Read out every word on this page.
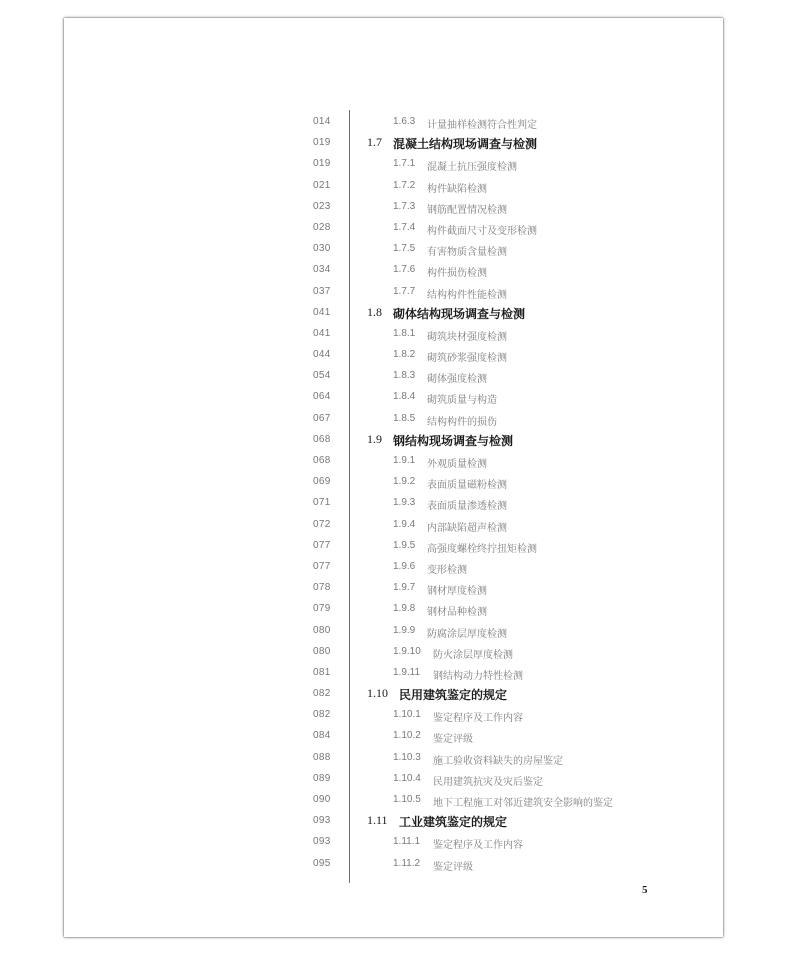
014	1.6.3 计量抽样检测符合性判定
019	1.7 混凝土结构现场调查与检测
019	1.7.1 混凝土抗压强度检测
021	1.7.2 构件缺陷检测
023	1.7.3 钢筋配置情况检测
028	1.7.4 构件截面尺寸及变形检测
030	1.7.5 有害物质含量检测
034	1.7.6 构件损伤检测
037	1.7.7 结构构件性能检测
041	1.8 砌体结构现场调查与检测
041	1.8.1 砌筑块材强度检测
044	1.8.2 砌筑砂浆强度检测
054	1.8.3 砌体强度检测
064	1.8.4 砌筑质量与构造
067	1.8.5 结构构件的损伤
068	1.9 钢结构现场调查与检测
068	1.9.1 外观质量检测
069	1.9.2 表面质量磁粉检测
071	1.9.3 表面质量渗透检测
072	1.9.4 内部缺陷超声检测
077	1.9.5 高强度螺栓终拧扭矩检测
077	1.9.6 变形检测
078	1.9.7 钢材厚度检测
079	1.9.8 钢材品种检测
080	1.9.9 防腐涂层厚度检测
080	1.9.10 防火涂层厚度检测
081	1.9.11 钢结构动力特性检测
082	1.10 民用建筑鉴定的规定
082	1.10.1 鉴定程序及工作内容
084	1.10.2 鉴定评级
088	1.10.3 施工验收资料缺失的房屋鉴定
089	1.10.4 民用建筑抗灾及灾后鉴定
090	1.10.5 地下工程施工对邻近建筑安全影响的鉴定
093	1.11 工业建筑鉴定的规定
093	1.11.1 鉴定程序及工作内容
095	1.11.2 鉴定评级
5
